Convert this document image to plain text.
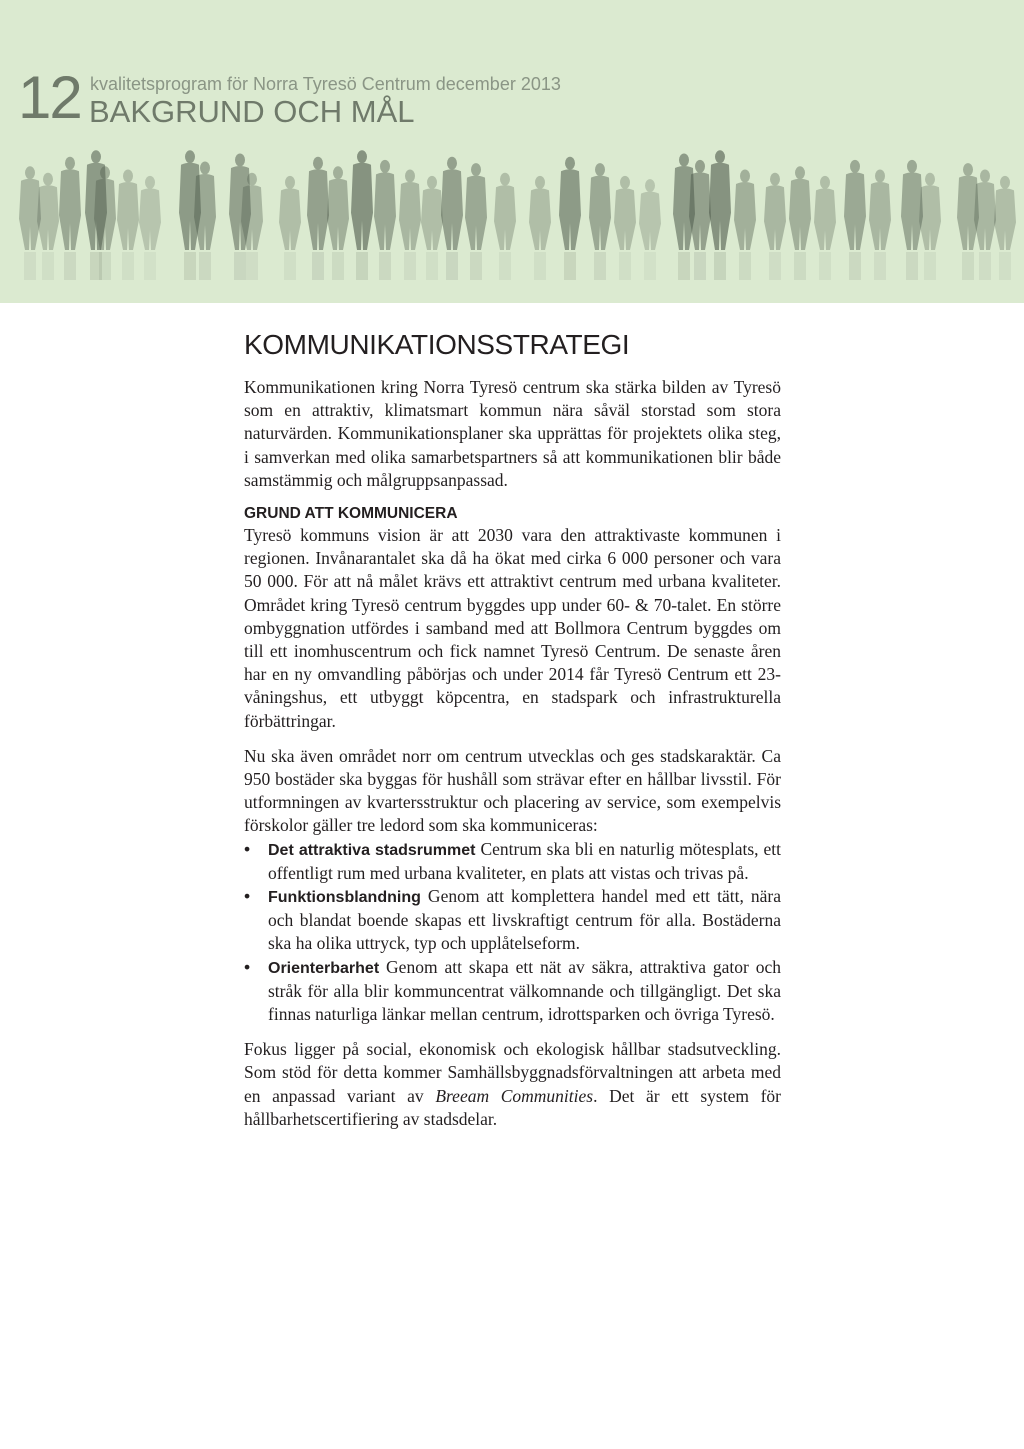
12 kvalitetsprogram för Norra Tyresö Centrum december 2013
BAKGRUND OCH MÅL
KOMMUNIKATIONSSTRATEGI

Kommunikationen kring Norra Tyresö centrum ska stärka bilden av Tyresö som en attraktiv, klimatsmart kommun nära såväl storstad som stora naturvärden. Kommunikationsplaner ska upprättas för projektets olika steg, i samverkan med olika samarbetspartners så att kommunikationen blir både samstämmig och målgruppsanpassad.

GRUND ATT KOMMUNICERA

Tyresö kommuns vision är att 2030 vara den attraktivaste kommunen i regionen. Invånarantalet ska då ha ökat med cirka 6 000 personer och vara 50 000. För att nå målet krävs ett attraktivt centrum med urbana kvaliteter. Området kring Tyresö centrum byggdes upp under 60- & 70-talet. En större ombyggnation utfördes i samband med att Bollmora Centrum byggdes om till ett inomhuscentrum och fick namnet Tyresö Centrum. De senaste åren har en ny omvandling påbörjas och under 2014 får Tyresö Centrum ett 23-våningshus, ett utbyggt köpcentra, en stadspark och infrastrukturella förbättringar.

Nu ska även området norr om centrum utvecklas och ges stadskaraktär. Ca 950 bostäder ska byggas för hushåll som strävar efter en hållbar livsstil. För utformningen av kvartersstruktur och placering av service, som exempelvis förskolor gäller tre ledord som ska kommuniceras:

• Det attraktiva stadsrummet Centrum ska bli en naturlig mötesplats, ett offentligt rum med urbana kvaliteter, en plats att vistas och trivas på.
• Funktionsblandning Genom att komplettera handel med ett tätt, nära och blandat boende skapas ett livskraftigt centrum för alla. Bostäderna ska ha olika uttryck, typ och upplåtelseform.
• Orienterbarhet Genom att skapa ett nät av säkra, attraktiva gator och stråk för alla blir kommuncentrat välkomnande och tillgängligt. Det ska finnas naturliga länkar mellan centrum, idrottsparken och övriga Tyresö.

Fokus ligger på social, ekonomisk och ekologisk hållbar stadsutveckling. Som stöd för detta kommer Samhällsbyggnadsförvaltningen att arbeta med en anpassad variant av Breeam Communities. Det är ett system för hållbarhetscertifiering av stadsdelar.
